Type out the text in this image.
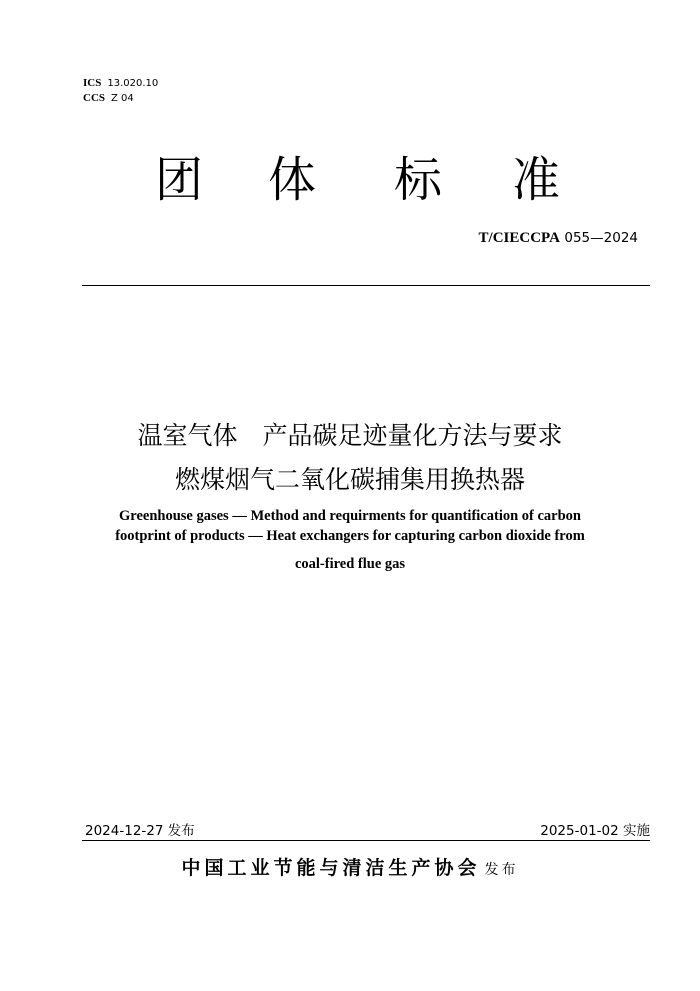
ICS 13.020.10
CCS Z 04
团 体 标 准
T/CIECCPA 055—2024
温室气体　产品碳足迹量化方法与要求
燃煤烟气二氧化碳捕集用换热器
Greenhouse gases — Method and requirments for quantification of carbon
footprint of products — Heat exchangers for capturing carbon dioxide from
coal-fired flue gas
2024-12-27 发布	2025-01-02 实施
中国工业节能与清洁生产协会 发布
